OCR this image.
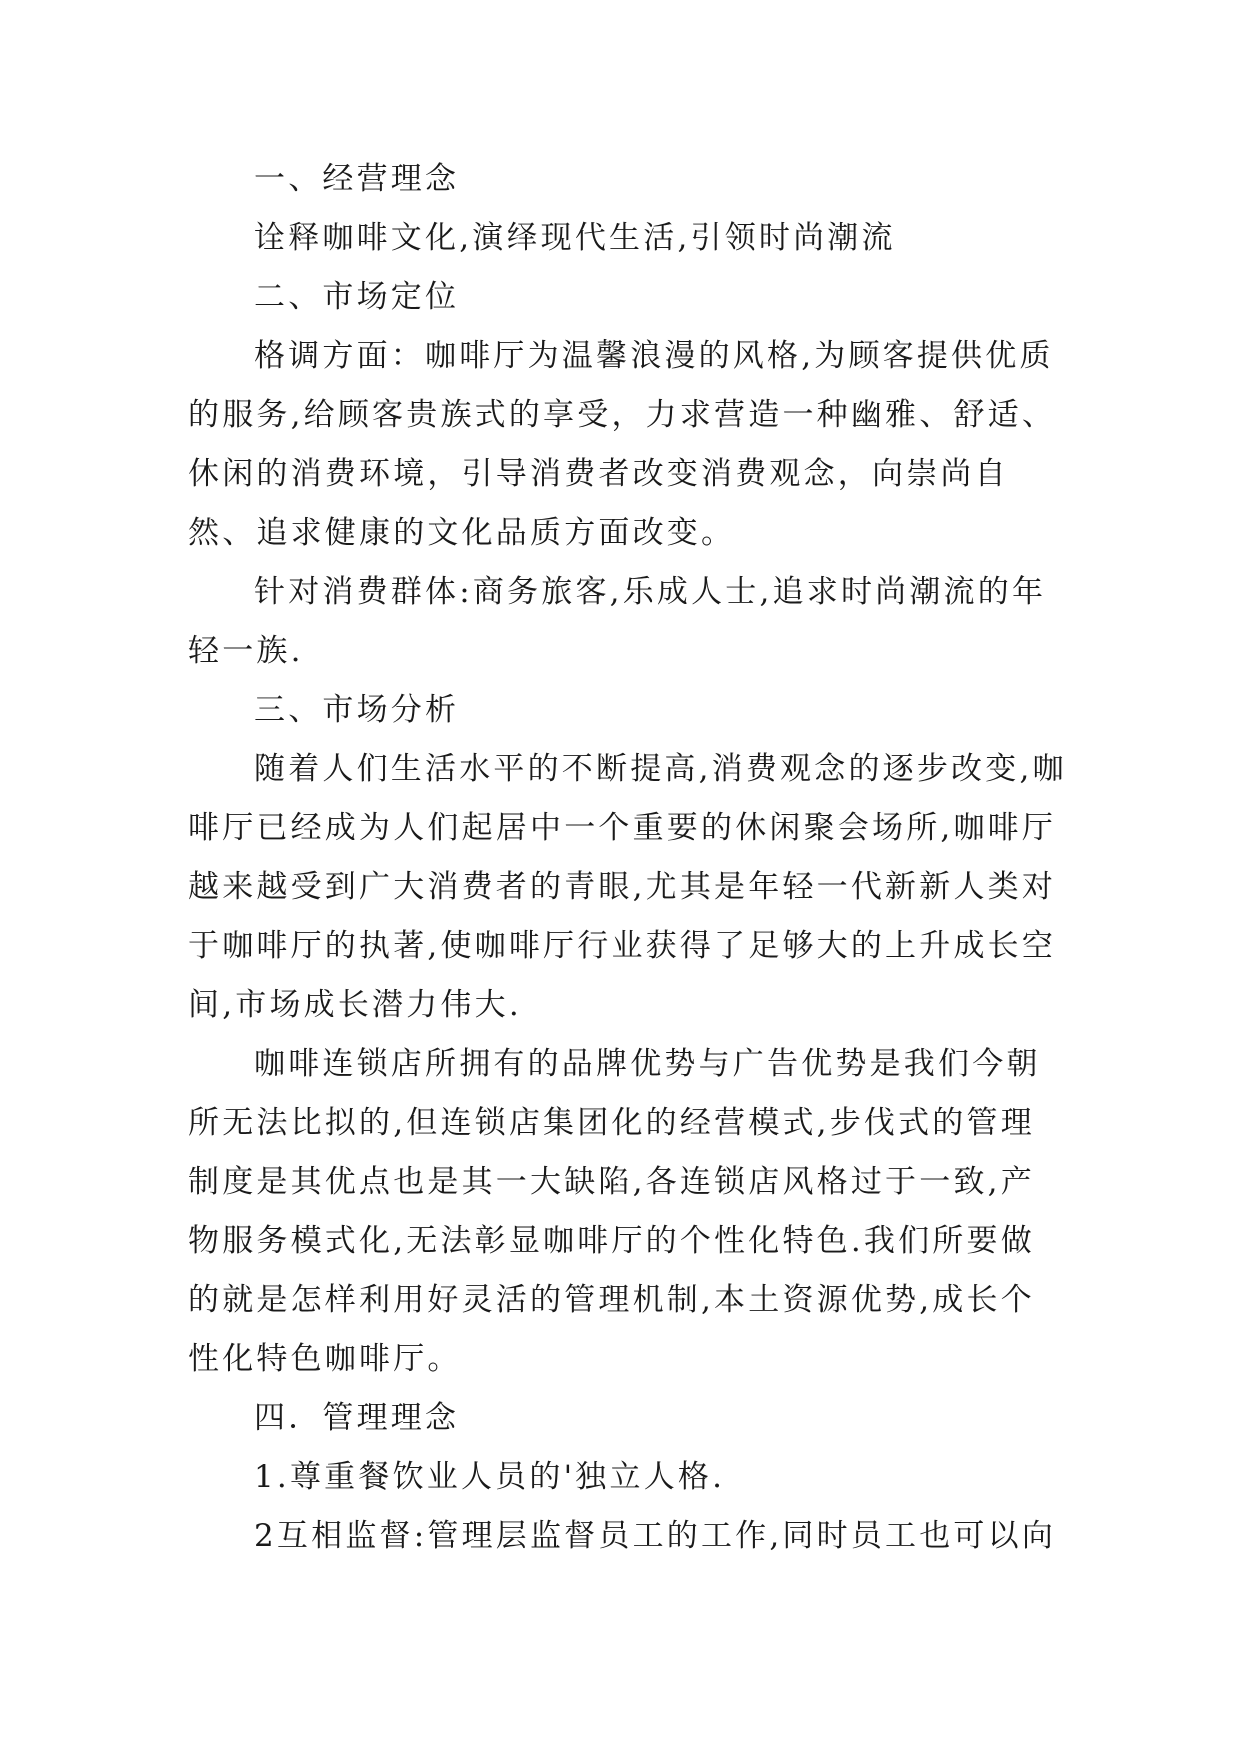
一、经营理念

诠释咖啡文化,演绎现代生活,引领时尚潮流

二、市场定位

格调方面：咖啡厅为温馨浪漫的风格,为顾客提供优质的服务,给顾客贵族式的享受，力求营造一种幽雅、舒适、休闲的消费环境，引导消费者改变消费观念，向崇尚自然、追求健康的文化品质方面改变。

针对消费群体:商务旅客,乐成人士,追求时尚潮流的年轻一族.

三、市场分析

随着人们生活水平的不断提高,消费观念的逐步改变,咖啡厅已经成为人们起居中一个重要的休闲聚会场所,咖啡厅越来越受到广大消费者的青眼,尤其是年轻一代新新人类对于咖啡厅的执著,使咖啡厅行业获得了足够大的上升成长空间,市场成长潜力伟大.

咖啡连锁店所拥有的品牌优势与广告优势是我们今朝所无法比拟的,但连锁店集团化的经营模式,步伐式的管理制度是其优点也是其一大缺陷,各连锁店风格过于一致,产物服务模式化,无法彰显咖啡厅的个性化特色.我们所要做的就是怎样利用好灵活的管理机制,本土资源优势,成长个性化特色咖啡厅。

四．管理理念

1.尊重餐饮业人员的'独立人格.

2互相监督:管理层监督员工的工作,同时员工也可以向
